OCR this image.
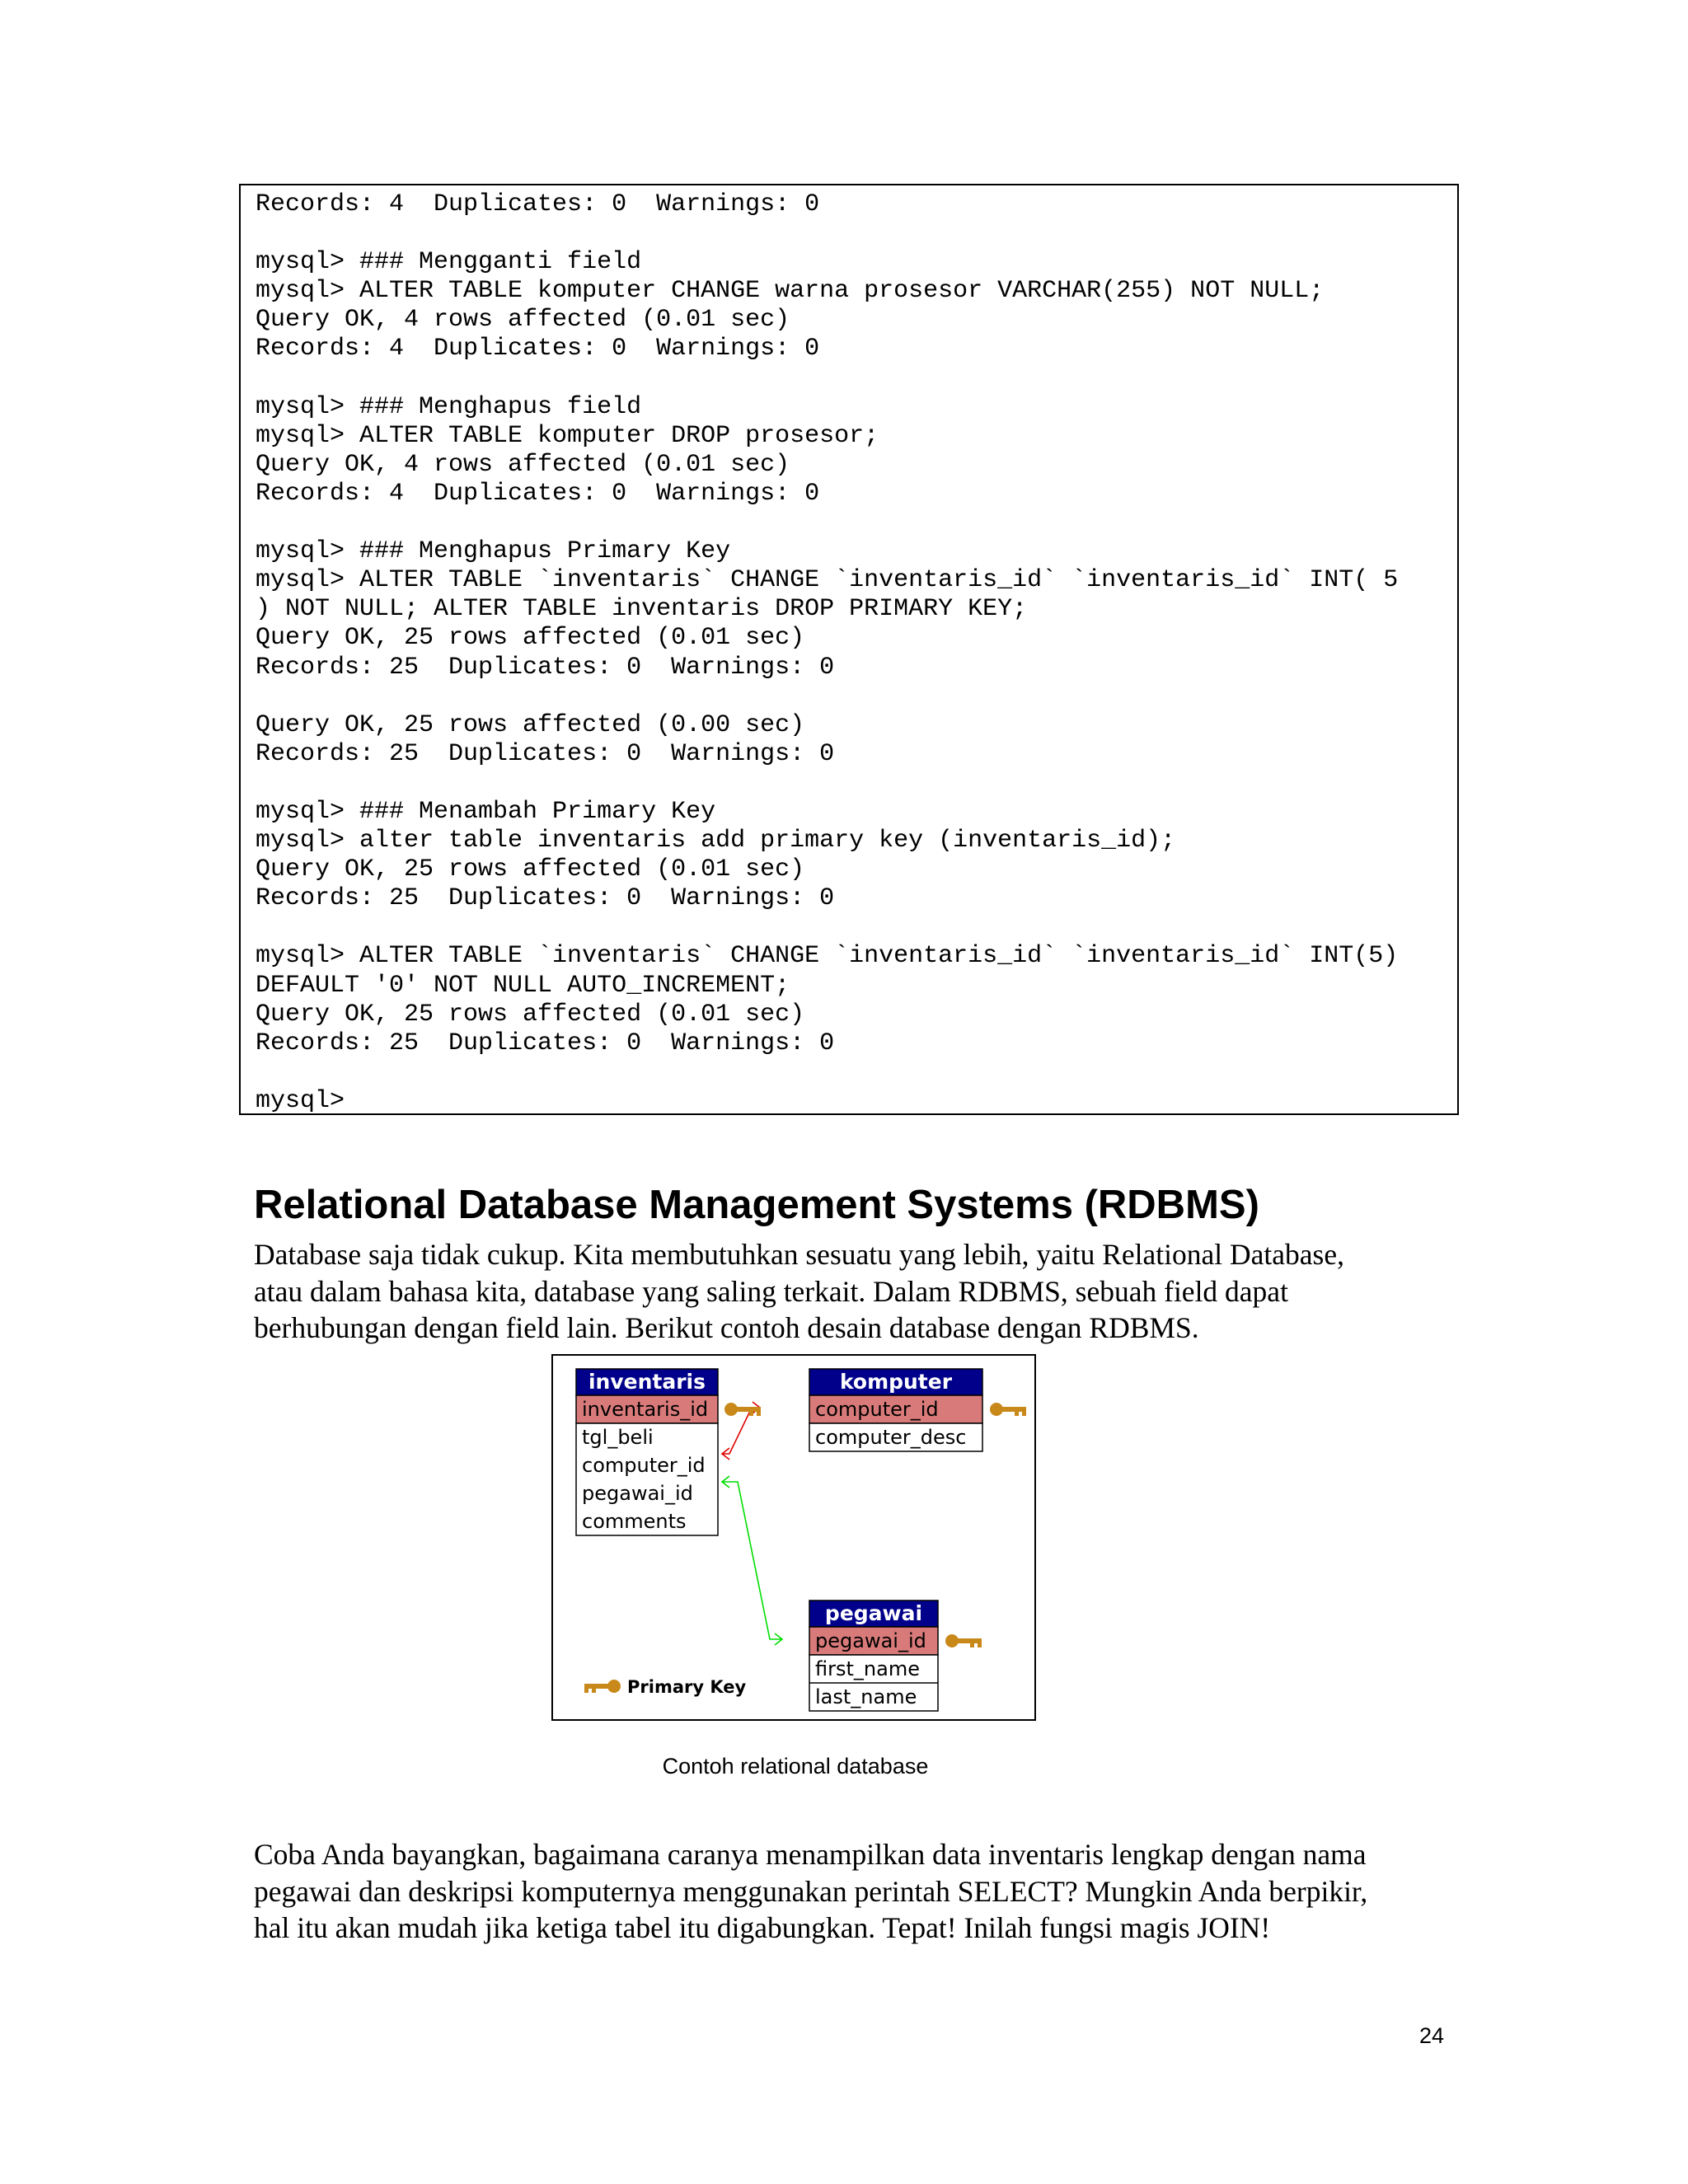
Records: 4  Duplicates: 0  Warnings: 0

mysql> ### Mengganti field
mysql> ALTER TABLE komputer CHANGE warna prosesor VARCHAR(255) NOT NULL;
Query OK, 4 rows affected (0.01 sec)
Records: 4  Duplicates: 0  Warnings: 0

mysql> ### Menghapus field
mysql> ALTER TABLE komputer DROP prosesor;
Query OK, 4 rows affected (0.01 sec)
Records: 4  Duplicates: 0  Warnings: 0

mysql> ### Menghapus Primary Key
mysql> ALTER TABLE `inventaris` CHANGE `inventaris_id` `inventaris_id` INT( 5
) NOT NULL; ALTER TABLE inventaris DROP PRIMARY KEY;
Query OK, 25 rows affected (0.01 sec)
Records: 25  Duplicates: 0  Warnings: 0

Query OK, 25 rows affected (0.00 sec)
Records: 25  Duplicates: 0  Warnings: 0

mysql> ### Menambah Primary Key
mysql> alter table inventaris add primary key (inventaris_id);
Query OK, 25 rows affected (0.01 sec)
Records: 25  Duplicates: 0  Warnings: 0

mysql> ALTER TABLE `inventaris` CHANGE `inventaris_id` `inventaris_id` INT(5)
DEFAULT '0' NOT NULL AUTO_INCREMENT;
Query OK, 25 rows affected (0.01 sec)
Records: 25  Duplicates: 0  Warnings: 0

mysql>
Relational Database Management Systems (RDBMS)
Database saja tidak cukup. Kita membutuhkan sesuatu yang lebih, yaitu Relational Database,
atau dalam bahasa kita, database yang saling terkait. Dalam RDBMS, sebuah field dapat
berhubungan dengan field lain. Berikut contoh desain database dengan RDBMS.
inventaris
inventaris_id
tgl_beli
computer_id
pegawai_id
comments
komputer
computer_id
computer_desc
pegawai
pegawai_id
first_name
last_name
Primary Key
Contoh relational database
Coba Anda bayangkan, bagaimana caranya menampilkan data inventaris lengkap dengan nama
pegawai dan deskripsi komputernya menggunakan perintah SELECT? Mungkin Anda berpikir,
hal itu akan mudah jika ketiga tabel itu digabungkan. Tepat! Inilah fungsi magis JOIN!
24
